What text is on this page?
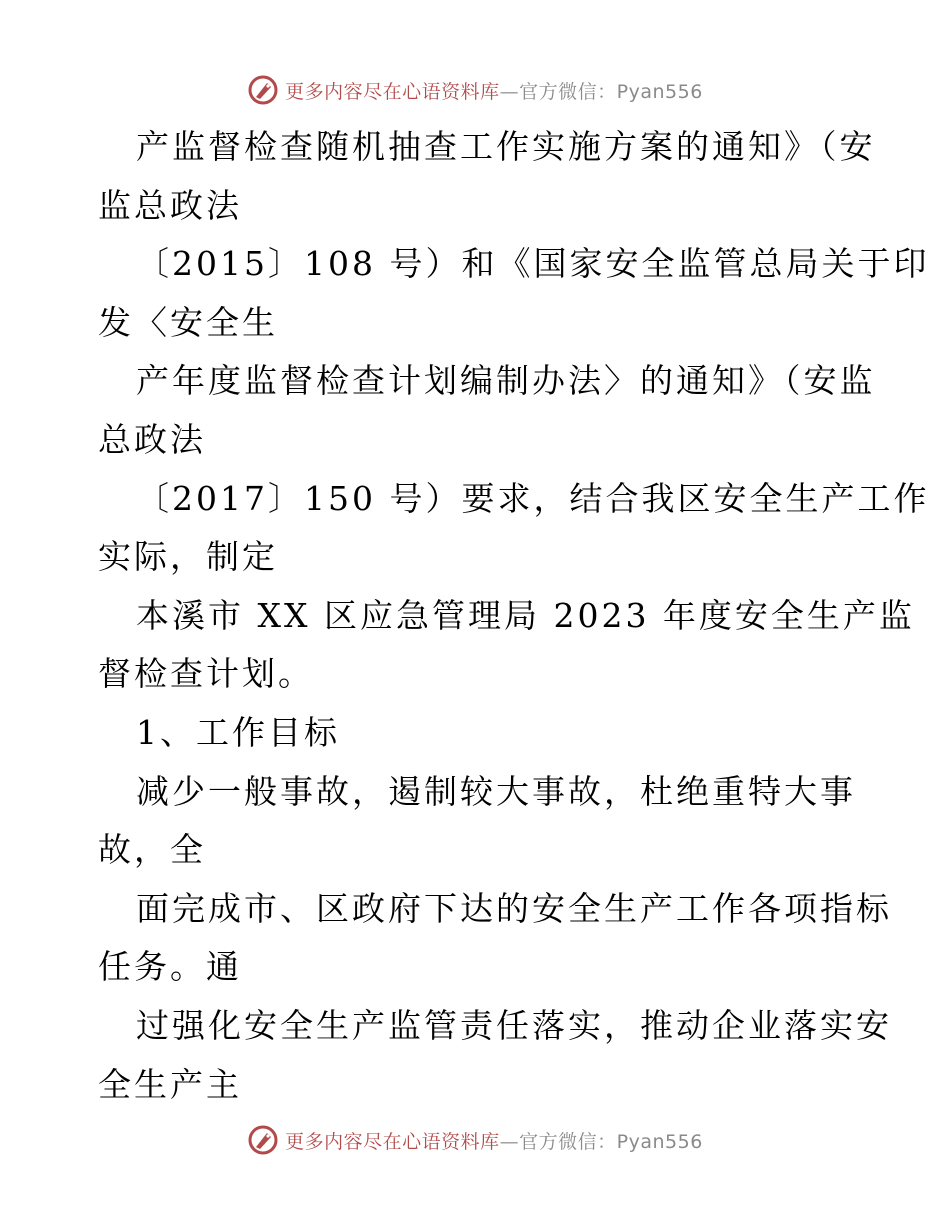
更多内容尽在心语资料库—官方微信：Pyan556
产监督检查随机抽查工作实施方案的通知》（安
监总政法
〔2015〕108 号）和《国家安全监管总局关于印
发〈安全生
产年度监督检查计划编制办法〉的通知》（安监
总政法
〔2017〕150 号）要求，结合我区安全生产工作
实际，制定
本溪市 XX 区应急管理局 2023 年度安全生产监
督检查计划。
1、工作目标
减少一般事故，遏制较大事故，杜绝重特大事
故，全
面完成市、区政府下达的安全生产工作各项指标
任务。通
过强化安全生产监管责任落实，推动企业落实安
全生产主
更多内容尽在心语资料库—官方微信：Pyan556
